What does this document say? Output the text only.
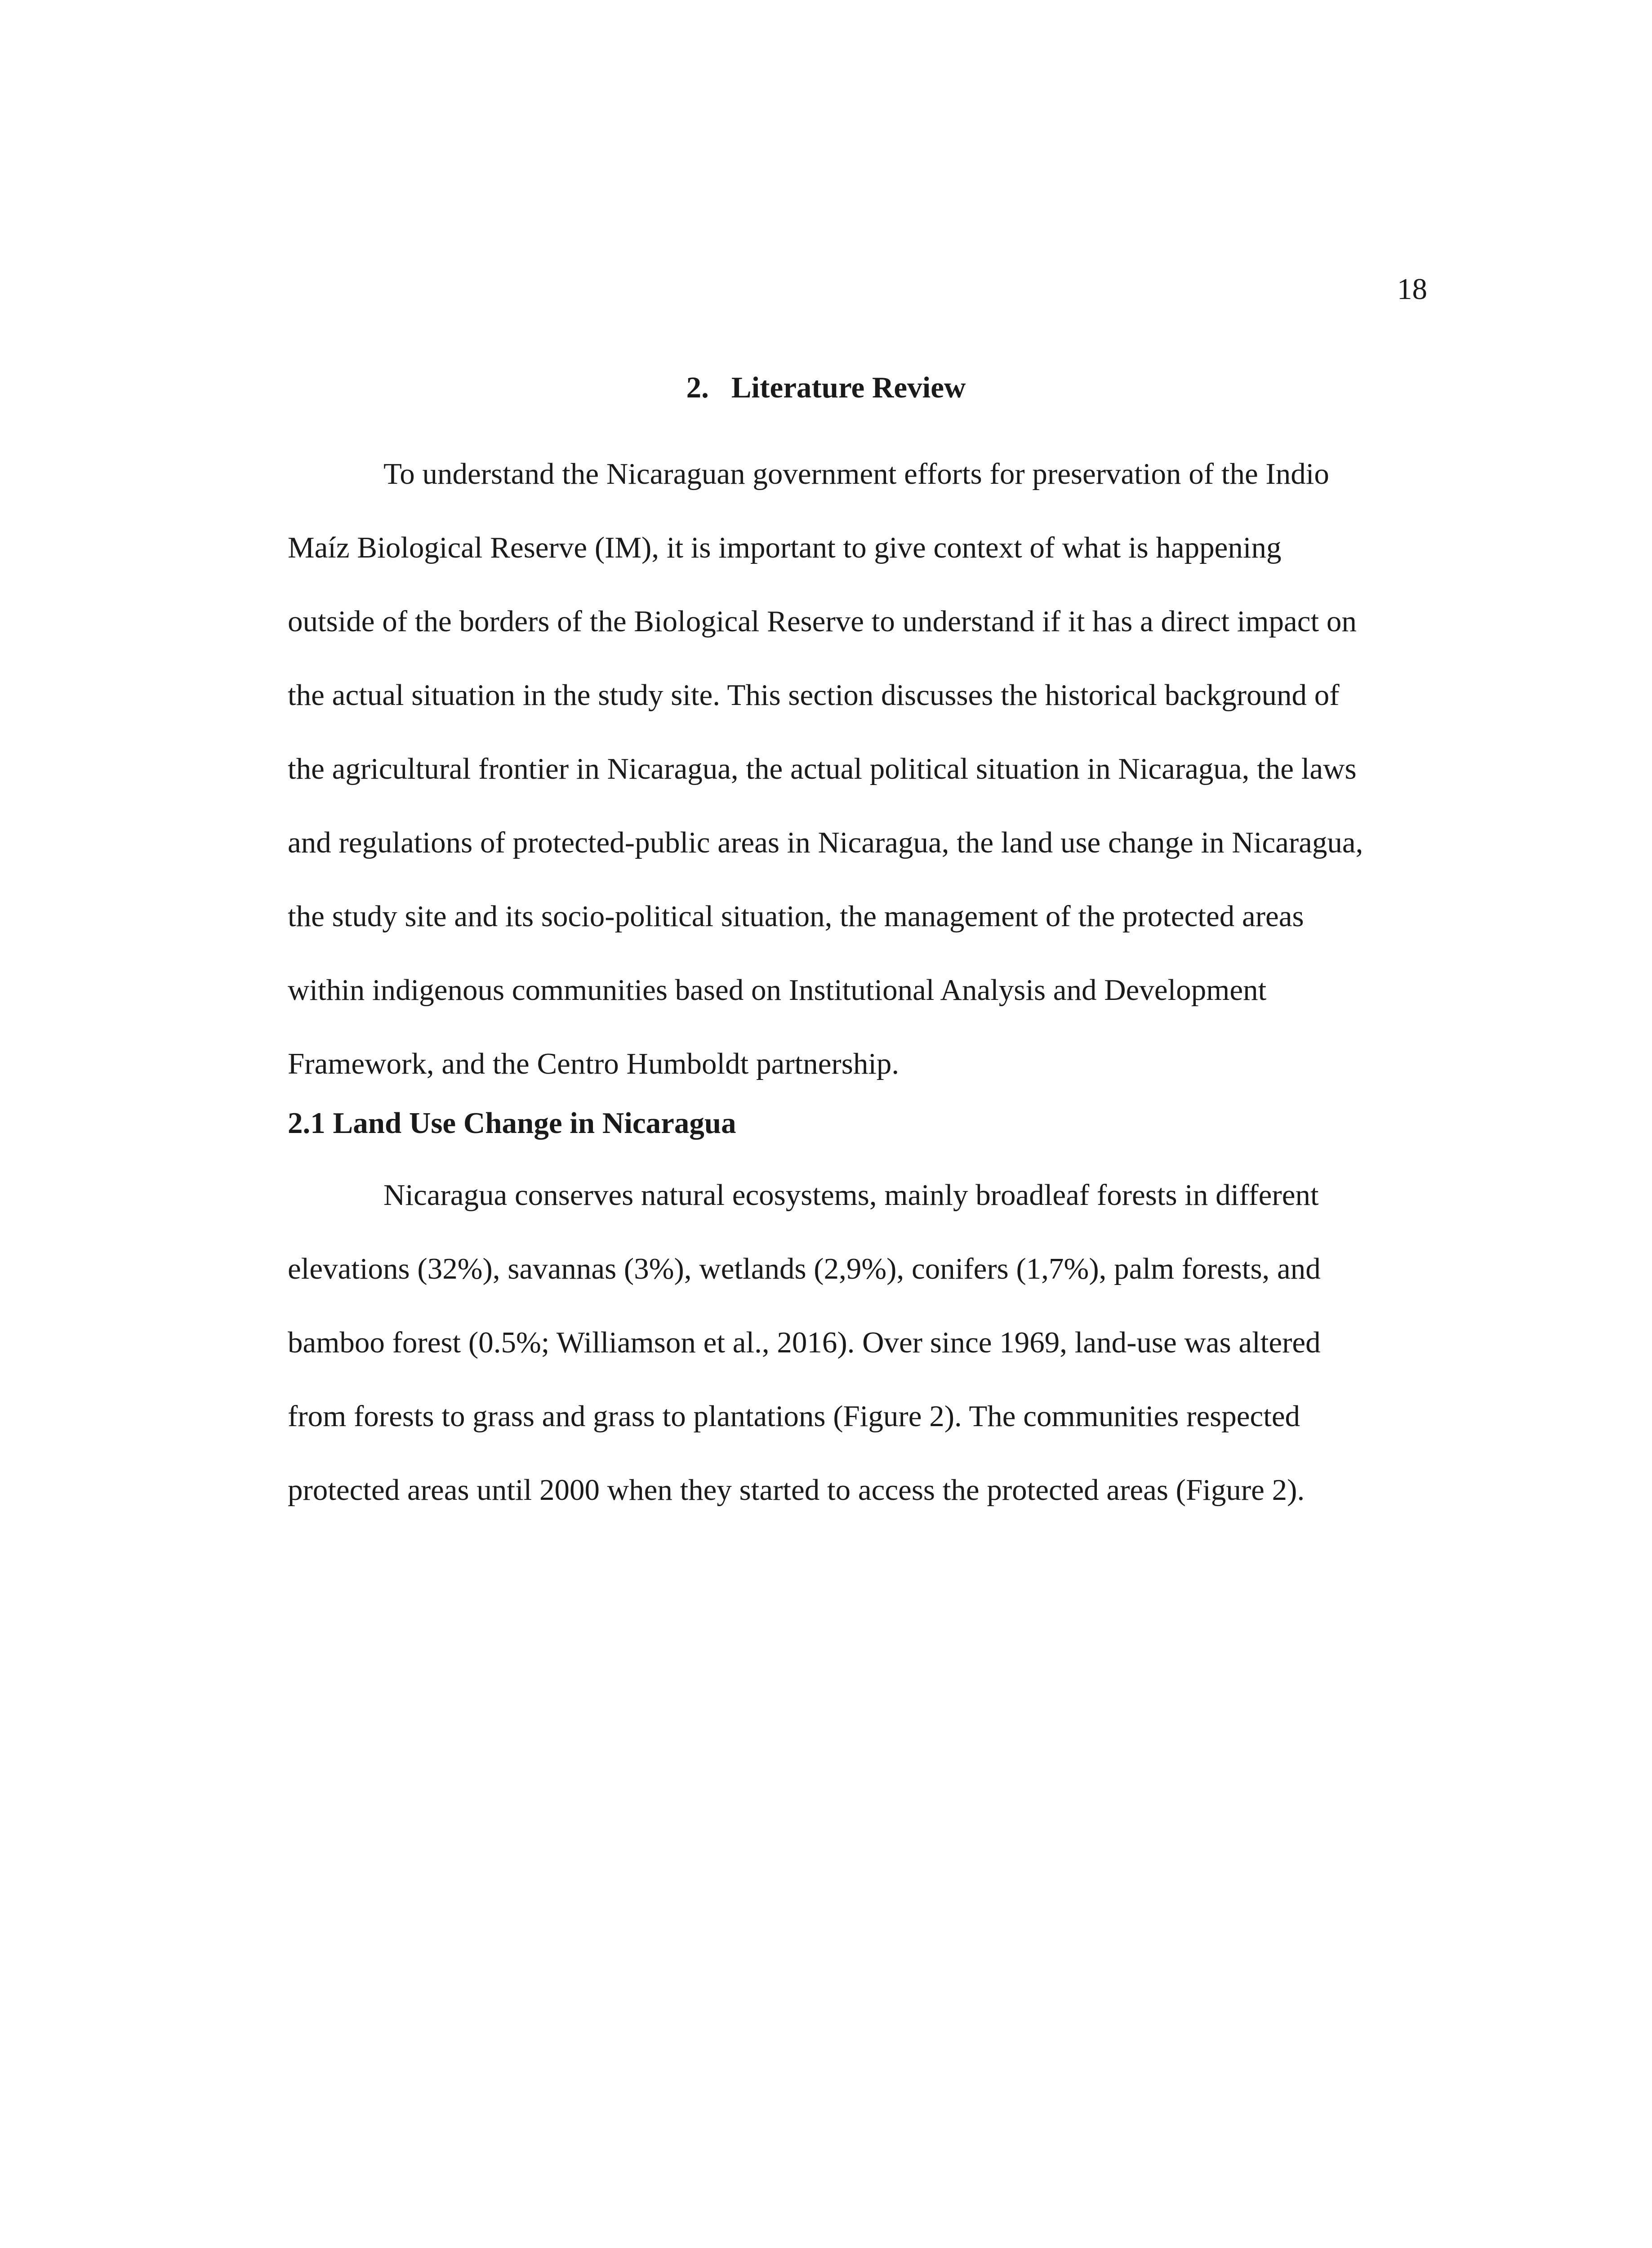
18
2. Literature Review

To understand the Nicaraguan government efforts for preservation of the Indio
Maíz Biological Reserve (IM), it is important to give context of what is happening
outside of the borders of the Biological Reserve to understand if it has a direct impact on
the actual situation in the study site. This section discusses the historical background of
the agricultural frontier in Nicaragua, the actual political situation in Nicaragua, the laws
and regulations of protected-public areas in Nicaragua, the land use change in Nicaragua,
the study site and its socio-political situation, the management of the protected areas
within indigenous communities based on Institutional Analysis and Development
Framework, and the Centro Humboldt partnership.

2.1 Land Use Change in Nicaragua

Nicaragua conserves natural ecosystems, mainly broadleaf forests in different
elevations (32%), savannas (3%), wetlands (2,9%), conifers (1,7%), palm forests, and
bamboo forest (0.5%; Williamson et al., 2016). Over since 1969, land-use was altered
from forests to grass and grass to plantations (Figure 2). The communities respected
protected areas until 2000 when they started to access the protected areas (Figure 2).
